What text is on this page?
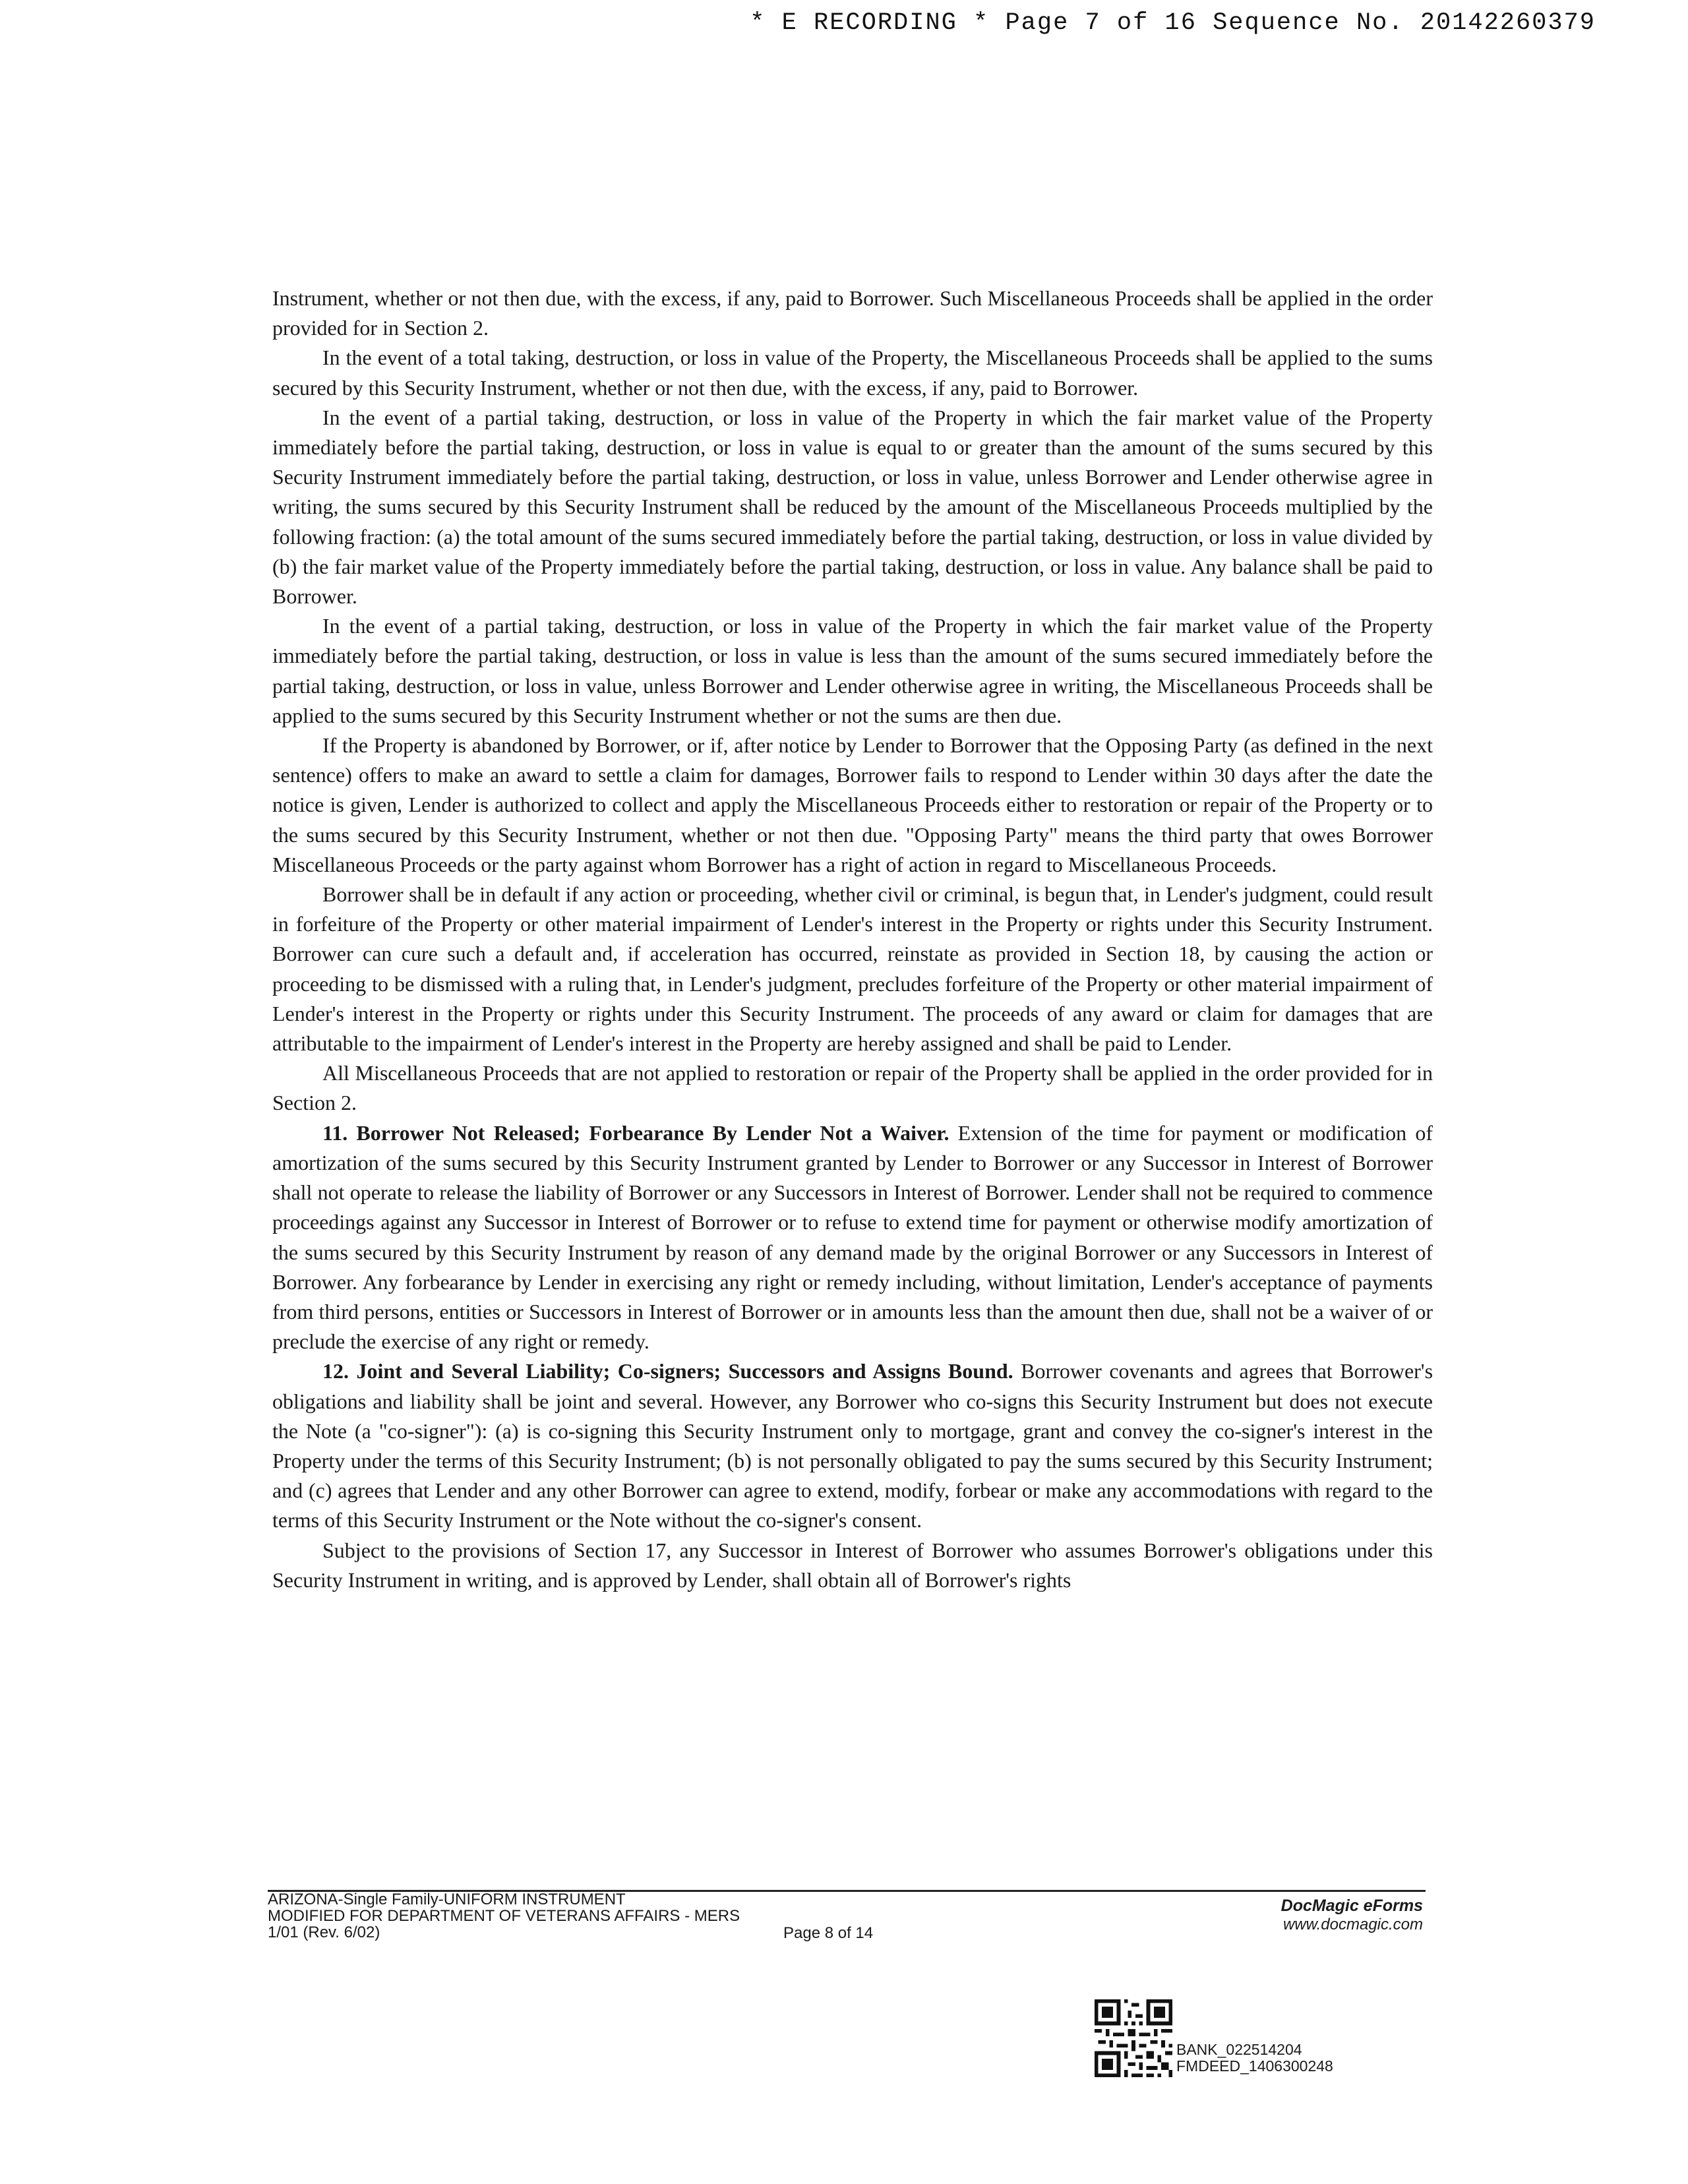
* E RECORDING * Page 7 of 16 Sequence No. 20142260379

Instrument, whether or not then due, with the excess, if any, paid to Borrower. Such Miscellaneous Proceeds shall be applied in the order provided for in Section 2.

In the event of a total taking, destruction, or loss in value of the Property, the Miscellaneous Proceeds shall be applied to the sums secured by this Security Instrument, whether or not then due, with the excess, if any, paid to Borrower.

In the event of a partial taking, destruction, or loss in value of the Property in which the fair market value of the Property immediately before the partial taking, destruction, or loss in value is equal to or greater than the amount of the sums secured by this Security Instrument immediately before the partial taking, destruction, or loss in value, unless Borrower and Lender otherwise agree in writing, the sums secured by this Security Instrument shall be reduced by the amount of the Miscellaneous Proceeds multiplied by the following fraction: (a) the total amount of the sums secured immediately before the partial taking, destruction, or loss in value divided by (b) the fair market value of the Property immediately before the partial taking, destruction, or loss in value. Any balance shall be paid to Borrower.

In the event of a partial taking, destruction, or loss in value of the Property in which the fair market value of the Property immediately before the partial taking, destruction, or loss in value is less than the amount of the sums secured immediately before the partial taking, destruction, or loss in value, unless Borrower and Lender otherwise agree in writing, the Miscellaneous Proceeds shall be applied to the sums secured by this Security Instrument whether or not the sums are then due.

If the Property is abandoned by Borrower, or if, after notice by Lender to Borrower that the Opposing Party (as defined in the next sentence) offers to make an award to settle a claim for damages, Borrower fails to respond to Lender within 30 days after the date the notice is given, Lender is authorized to collect and apply the Miscellaneous Proceeds either to restoration or repair of the Property or to the sums secured by this Security Instrument, whether or not then due. "Opposing Party" means the third party that owes Borrower Miscellaneous Proceeds or the party against whom Borrower has a right of action in regard to Miscellaneous Proceeds.

Borrower shall be in default if any action or proceeding, whether civil or criminal, is begun that, in Lender's judgment, could result in forfeiture of the Property or other material impairment of Lender's interest in the Property or rights under this Security Instrument. Borrower can cure such a default and, if acceleration has occurred, reinstate as provided in Section 18, by causing the action or proceeding to be dismissed with a ruling that, in Lender's judgment, precludes forfeiture of the Property or other material impairment of Lender's interest in the Property or rights under this Security Instrument. The proceeds of any award or claim for damages that are attributable to the impairment of Lender's interest in the Property are hereby assigned and shall be paid to Lender.

All Miscellaneous Proceeds that are not applied to restoration or repair of the Property shall be applied in the order provided for in Section 2.

11. Borrower Not Released; Forbearance By Lender Not a Waiver. Extension of the time for payment or modification of amortization of the sums secured by this Security Instrument granted by Lender to Borrower or any Successor in Interest of Borrower shall not operate to release the liability of Borrower or any Successors in Interest of Borrower. Lender shall not be required to commence proceedings against any Successor in Interest of Borrower or to refuse to extend time for payment or otherwise modify amortization of the sums secured by this Security Instrument by reason of any demand made by the original Borrower or any Successors in Interest of Borrower. Any forbearance by Lender in exercising any right or remedy including, without limitation, Lender's acceptance of payments from third persons, entities or Successors in Interest of Borrower or in amounts less than the amount then due, shall not be a waiver of or preclude the exercise of any right or remedy.

12. Joint and Several Liability; Co-signers; Successors and Assigns Bound. Borrower covenants and agrees that Borrower's obligations and liability shall be joint and several. However, any Borrower who co-signs this Security Instrument but does not execute the Note (a "co-signer"): (a) is co-signing this Security Instrument only to mortgage, grant and convey the co-signer's interest in the Property under the terms of this Security Instrument; (b) is not personally obligated to pay the sums secured by this Security Instrument; and (c) agrees that Lender and any other Borrower can agree to extend, modify, forbear or make any accommodations with regard to the terms of this Security Instrument or the Note without the co-signer's consent.

Subject to the provisions of Section 17, any Successor in Interest of Borrower who assumes Borrower's obligations under this Security Instrument in writing, and is approved by Lender, shall obtain all of Borrower's rights

ARIZONA-Single Family-UNIFORM INSTRUMENT
MODIFIED FOR DEPARTMENT OF VETERANS AFFAIRS - MERS
1/01 (Rev. 6/02)	Page 8 of 14
DocMagic eForms
www.docmagic.com
BANK_022514204
FMDEED_1406300248
